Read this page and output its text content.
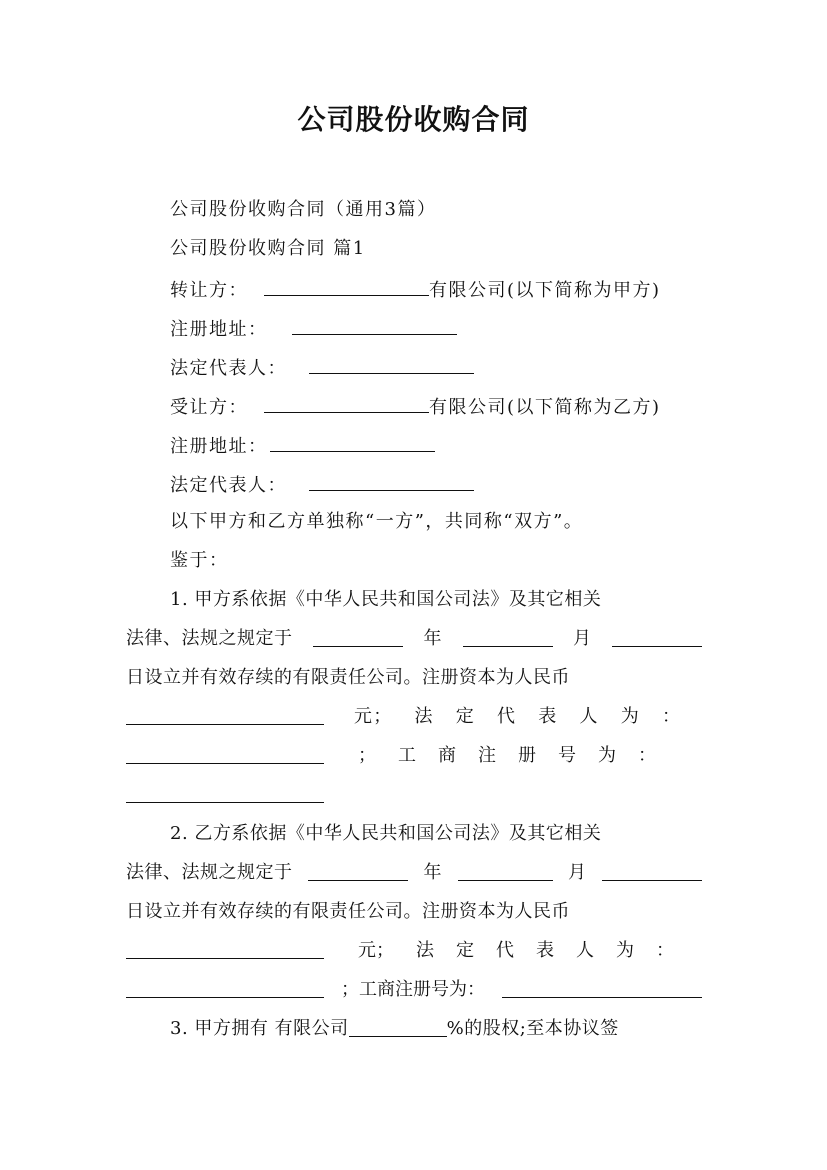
公司股份收购合同
公司股份收购合同（通用3篇）
公司股份收购合同 篇1
转让方：	有限公司(以下简称为甲方)
注册地址：
法定代表人：
受让方：	有限公司(以下简称为乙方)
注册地址：
法定代表人：
以下甲方和乙方单独称“一方”，共同称“双方”。
鉴于：
1. 甲方系依据《中华人民共和国公司法》及其它相关
法律、法规之规定于	年	月
日设立并有效存续的有限责任公司。注册资本为人民币
元；法定代表人为：
；工商注册号为：
2. 乙方系依据《中华人民共和国公司法》及其它相关
法律、法规之规定于	年	月
日设立并有效存续的有限责任公司。注册资本为人民币
元；法定代表人为：
；工商注册号为：
3. 甲方拥有 有限公司	%的股权;至本协议签
